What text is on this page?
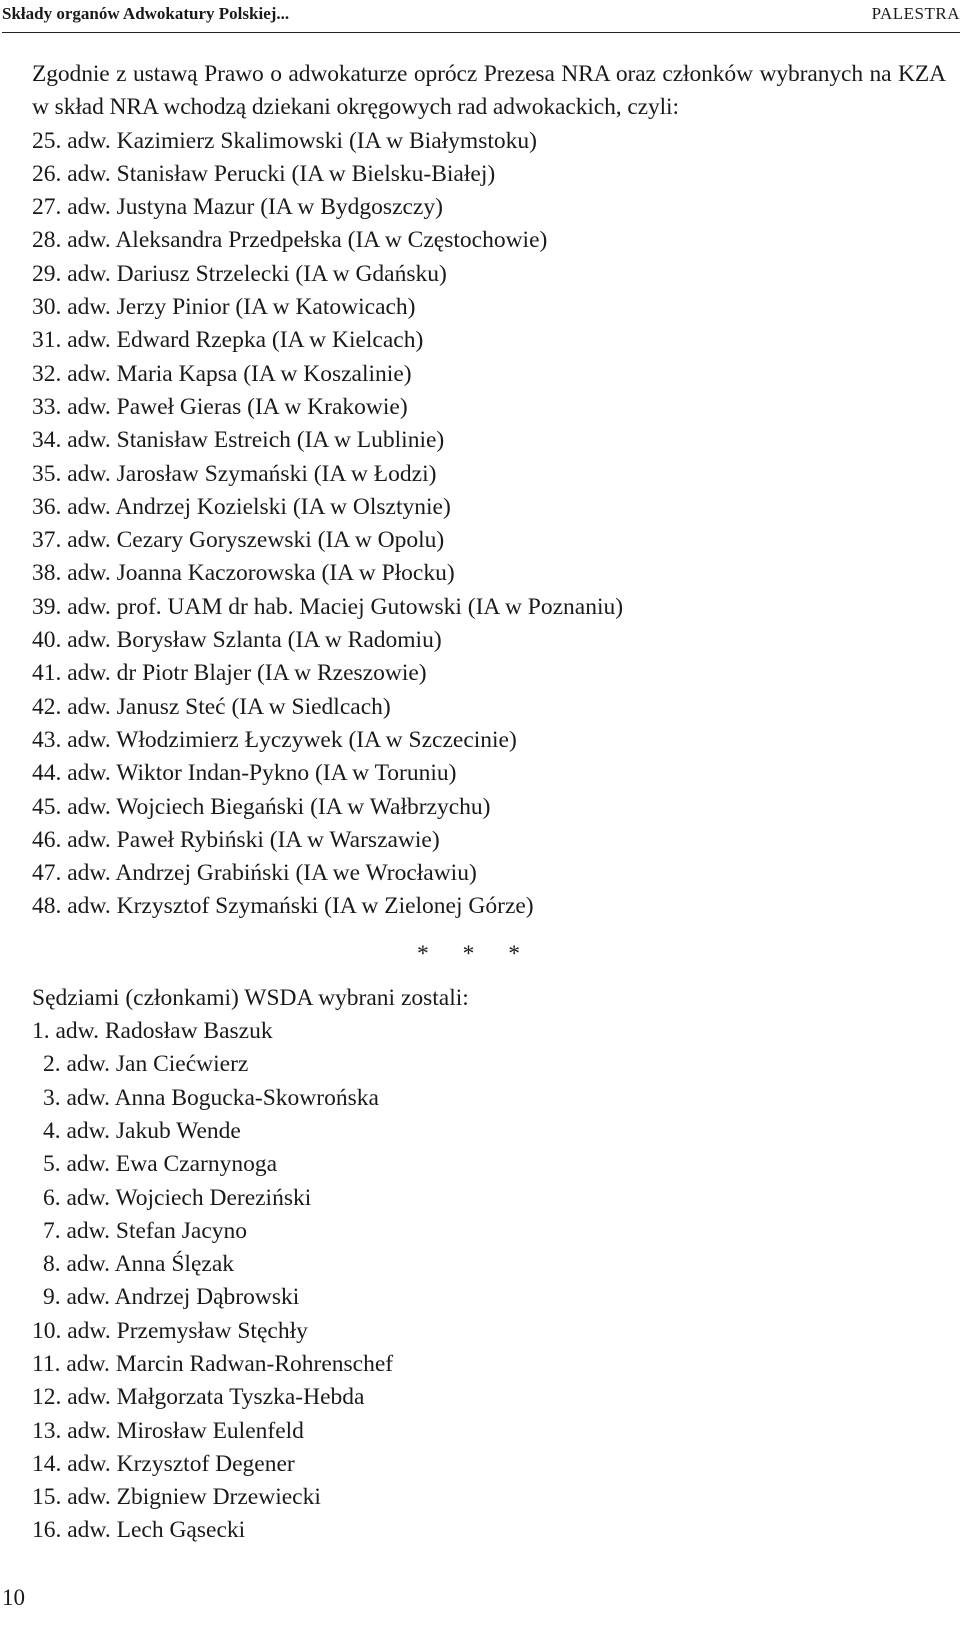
Składy organów Adwokatury Polskiej...	PALESTRA

Zgodnie z ustawą Prawo o adwokaturze oprócz Prezesa NRA oraz członków wybranych na KZA w skład NRA wchodzą dziekani okręgowych rad adwokackich, czyli:

25. adw. Kazimierz Skalimowski (IA w Białymstoku)
26. adw. Stanisław Perucki (IA w Bielsku-Białej)
27. adw. Justyna Mazur (IA w Bydgoszczy)
28. adw. Aleksandra Przedpełska (IA w Częstochowie)
29. adw. Dariusz Strzelecki (IA w Gdańsku)
30. adw. Jerzy Pinior (IA w Katowicach)
31. adw. Edward Rzepka (IA w Kielcach)
32. adw. Maria Kapsa (IA w Koszalinie)
33. adw. Paweł Gieras (IA w Krakowie)
34. adw. Stanisław Estreich (IA w Lublinie)
35. adw. Jarosław Szymański (IA w Łodzi)
36. adw. Andrzej Kozielski (IA w Olsztynie)
37. adw. Cezary Goryszewski (IA w Opolu)
38. adw. Joanna Kaczorowska (IA w Płocku)
39. adw. prof. UAM dr hab. Maciej Gutowski (IA w Poznaniu)
40. adw. Borysław Szlanta (IA w Radomiu)
41. adw. dr Piotr Blajer (IA w Rzeszowie)
42. adw. Janusz Steć (IA w Siedlcach)
43. adw. Włodzimierz Łyczywek (IA w Szczecinie)
44. adw. Wiktor Indan-Pykno (IA w Toruniu)
45. adw. Wojciech Biegański (IA w Wałbrzychu)
46. adw. Paweł Rybiński (IA w Warszawie)
47. adw. Andrzej Grabiński (IA we Wrocławiu)
48. adw. Krzysztof Szymański (IA w Zielonej Górze)
* * *
Sędziami (członkami) WSDA wybrani zostali:
1. adw. Radosław Baszuk
2. adw. Jan Ciećwierz
3. adw. Anna Bogucka-Skowrońska
4. adw. Jakub Wende
5. adw. Ewa Czarnynoga
6. adw. Wojciech Dereziński
7. adw. Stefan Jacyno
8. adw. Anna Ślęzak
9. adw. Andrzej Dąbrowski
10. adw. Przemysław Stęchły
11. adw. Marcin Radwan-Rohrenschef
12. adw. Małgorzata Tyszka-Hebda
13. adw. Mirosław Eulenfeld
14. adw. Krzysztof Degener
15. adw. Zbigniew Drzewiecki
16. adw. Lech Gąsecki
10
